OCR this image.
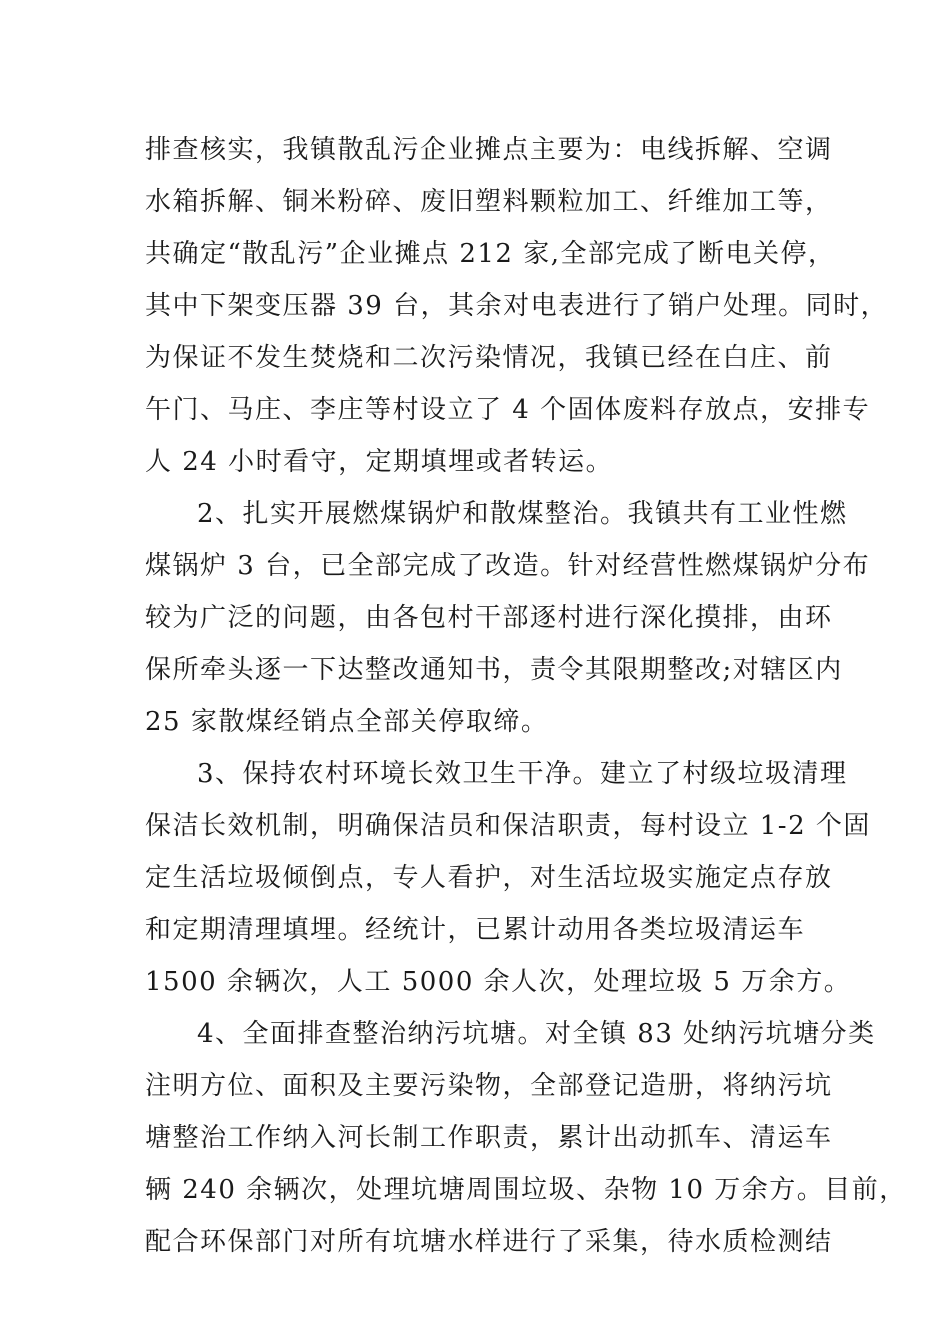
排查核实，我镇散乱污企业摊点主要为：电线拆解、空调
水箱拆解、铜米粉碎、废旧塑料颗粒加工、纤维加工等，
共确定“散乱污”企业摊点 212 家,全部完成了断电关停，
其中下架变压器 39 台，其余对电表进行了销户处理。同时，
为保证不发生焚烧和二次污染情况，我镇已经在白庄、前
午门、马庄、李庄等村设立了 4 个固体废料存放点，安排专
人 24 小时看守，定期填埋或者转运。
2、扎实开展燃煤锅炉和散煤整治。我镇共有工业性燃
煤锅炉 3 台，已全部完成了改造。针对经营性燃煤锅炉分布
较为广泛的问题，由各包村干部逐村进行深化摸排，由环
保所牵头逐一下达整改通知书，责令其限期整改;对辖区内
25 家散煤经销点全部关停取缔。
3、保持农村环境长效卫生干净。建立了村级垃圾清理
保洁长效机制，明确保洁员和保洁职责，每村设立 1-2 个固
定生活垃圾倾倒点，专人看护，对生活垃圾实施定点存放
和定期清理填埋。经统计，已累计动用各类垃圾清运车
1500 余辆次，人工 5000 余人次，处理垃圾 5 万余方。
4、全面排查整治纳污坑塘。对全镇 83 处纳污坑塘分类
注明方位、面积及主要污染物，全部登记造册，将纳污坑
塘整治工作纳入河长制工作职责，累计出动抓车、清运车
辆 240 余辆次，处理坑塘周围垃圾、杂物 10 万余方。目前，
配合环保部门对所有坑塘水样进行了采集，待水质检测结
